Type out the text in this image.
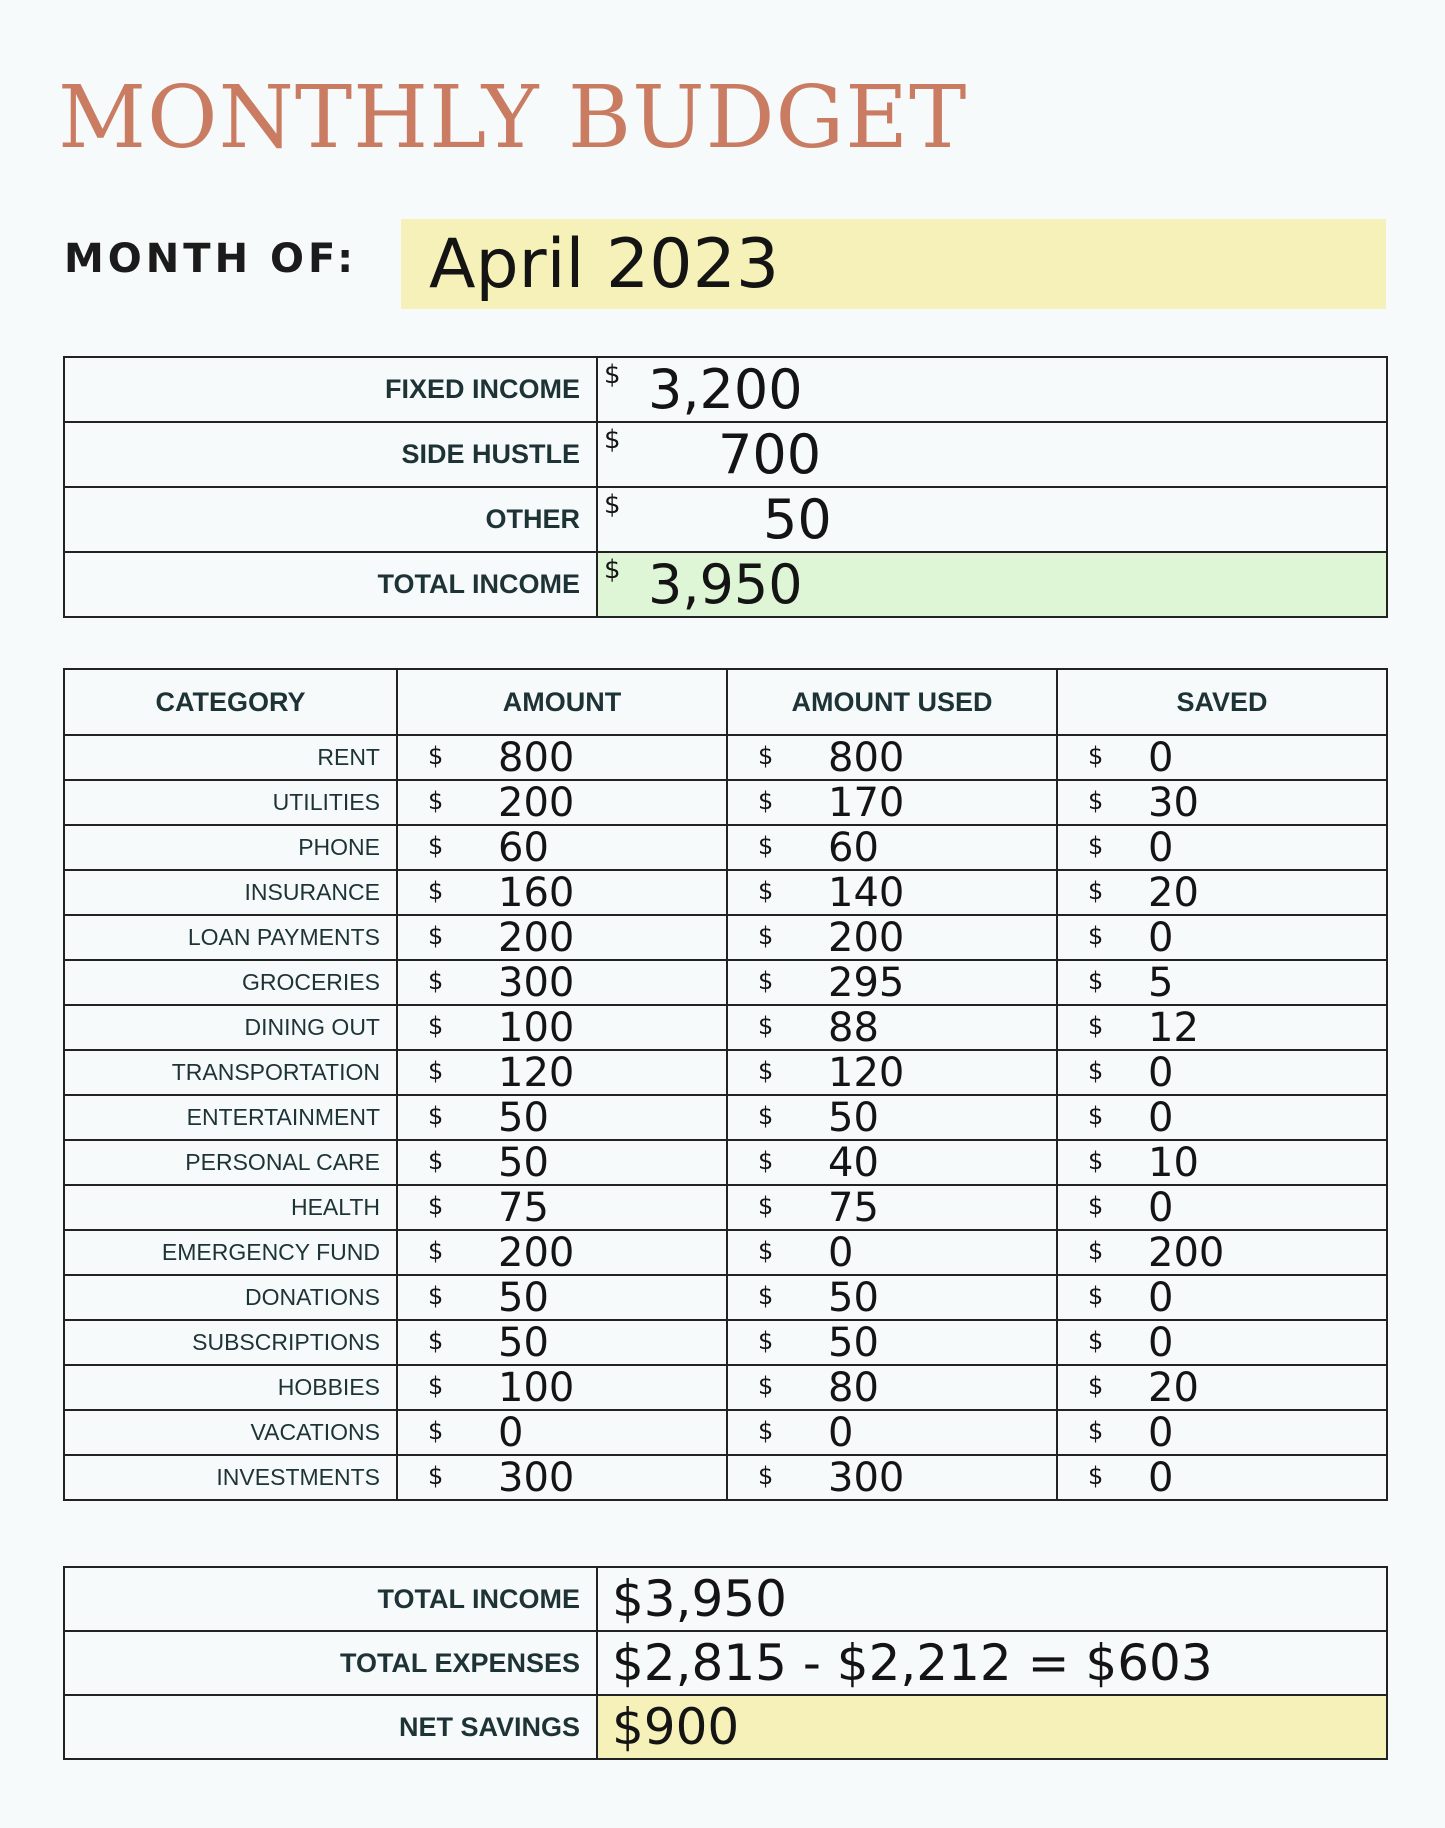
MONTHLY BUDGET
MONTH OF: April 2023
FIXED INCOME	$ 3,200
SIDE HUSTLE	$ 700
OTHER	$ 50
TOTAL INCOME	$ 3,950
CATEGORY	AMOUNT	AMOUNT USED	SAVED
RENT	$ 800	$ 800	$ 0
UTILITIES	$ 200	$ 170	$ 30
PHONE	$ 60	$ 60	$ 0
INSURANCE	$ 160	$ 140	$ 20
LOAN PAYMENTS	$ 200	$ 200	$ 0
GROCERIES	$ 300	$ 295	$ 5
DINING OUT	$ 100	$ 88	$ 12
TRANSPORTATION	$ 120	$ 120	$ 0
ENTERTAINMENT	$ 50	$ 50	$ 0
PERSONAL CARE	$ 50	$ 40	$ 10
HEALTH	$ 75	$ 75	$ 0
EMERGENCY FUND	$ 200	$ 0	$ 200
DONATIONS	$ 50	$ 50	$ 0
SUBSCRIPTIONS	$ 50	$ 50	$ 0
HOBBIES	$ 100	$ 80	$ 20
VACATIONS	$ 0	$ 0	$ 0
INVESTMENTS	$ 300	$ 300	$ 0
TOTAL INCOME	$3,950
TOTAL EXPENSES	$2,815 - $2,212 = $603
NET SAVINGS	$900
